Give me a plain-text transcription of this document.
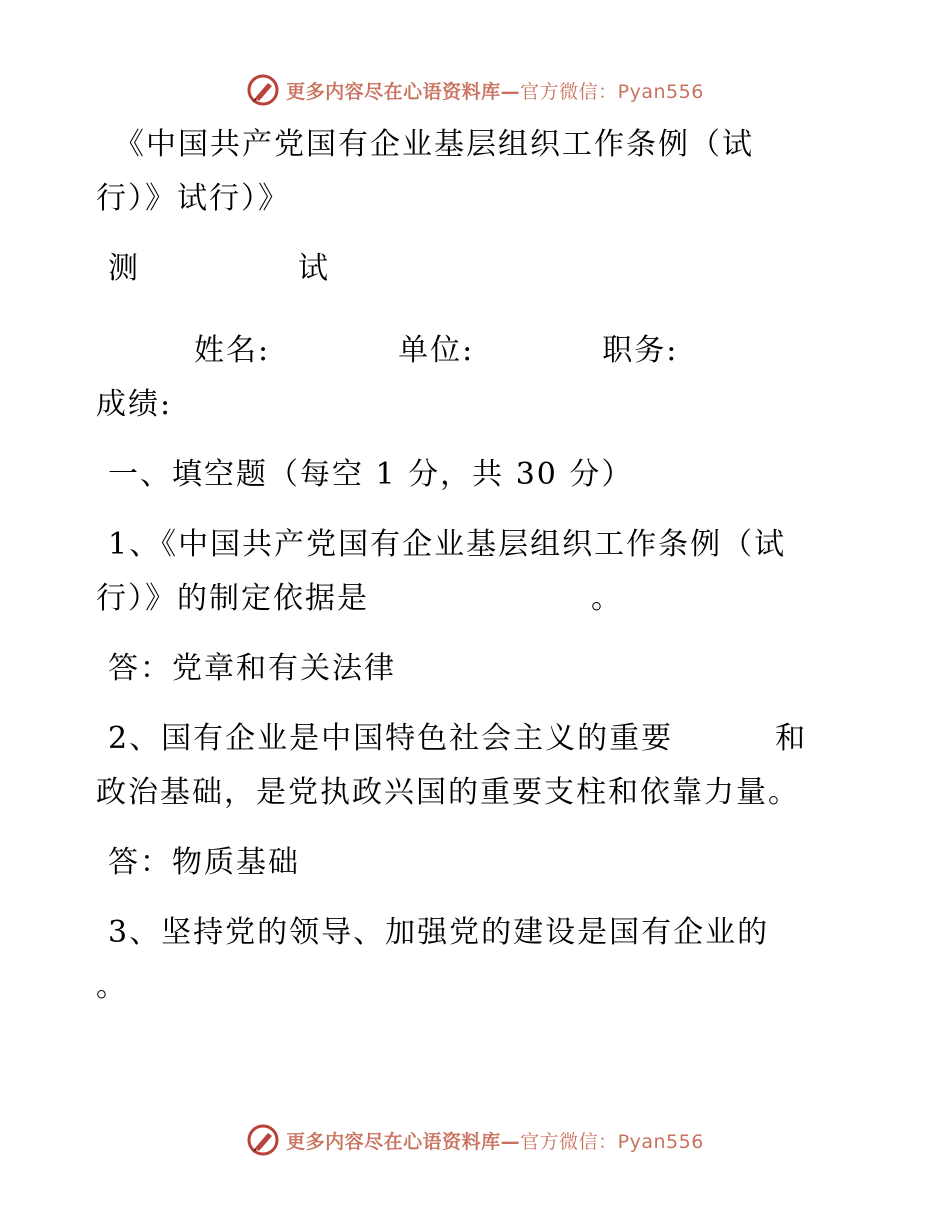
更多内容尽在心语资料库—官方微信：Pyan556
《中国共产党国有企业基层组织工作条例（试
行）》试行）》
测	试
姓名:	单位:	职务:
成绩:
一、填空题（每空 1 分，共 30 分）
1、《中国共产党国有企业基层组织工作条例（试
行）》的制定依据是	。
答：党章和有关法律
2、国有企业是中国特色社会主义的重要	和
政治基础，是党执政兴国的重要支柱和依靠力量。
答：物质基础
3、坚持党的领导、加强党的建设是国有企业的
。
更多内容尽在心语资料库—官方微信：Pyan556
